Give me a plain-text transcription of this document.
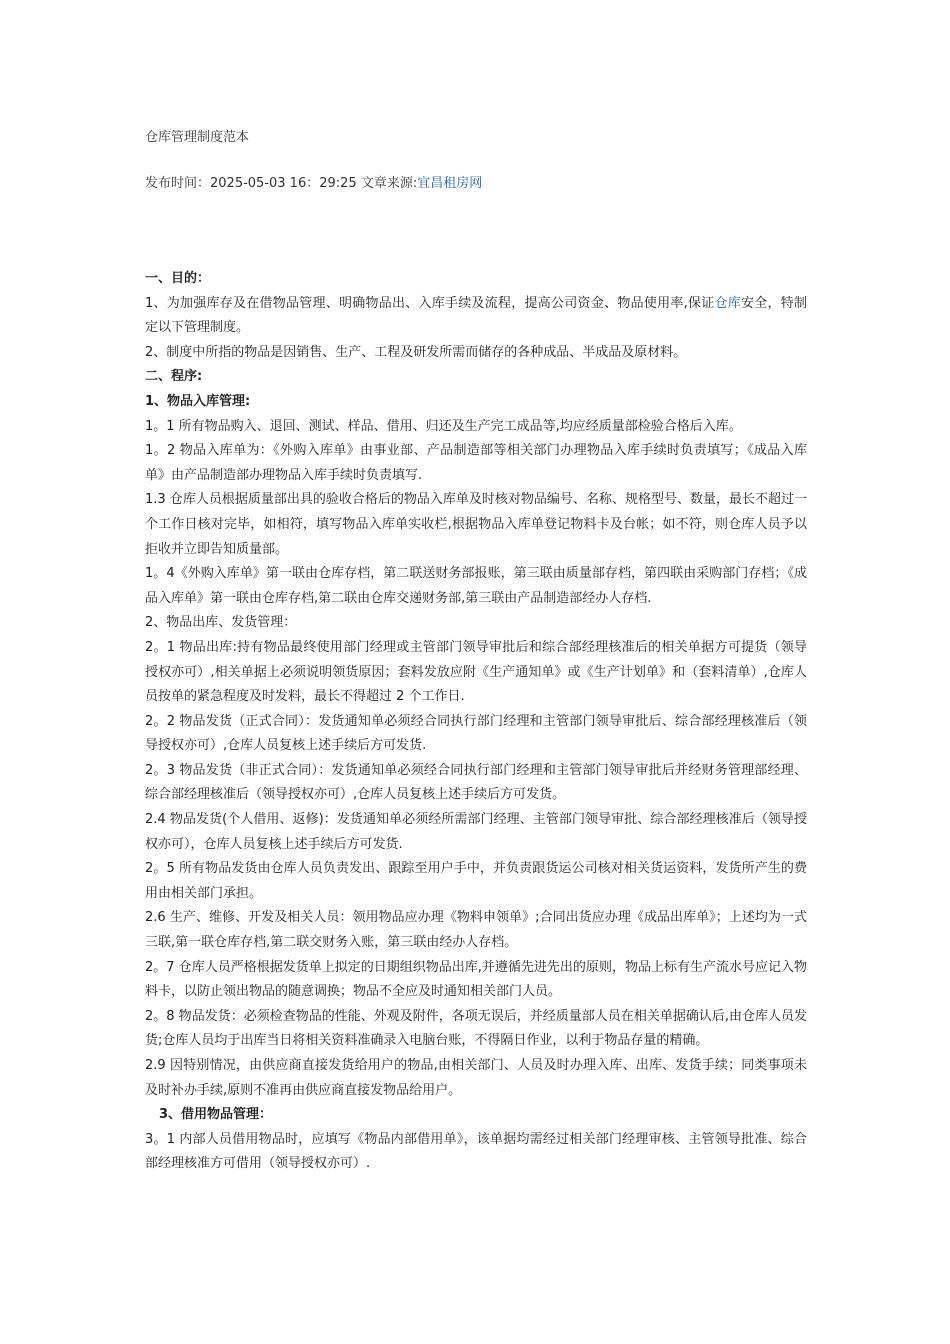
仓库管理制度范本
发布时间：2025-05-03 16：29:25 文章来源:宜昌租房网

一、目的：

1、为加强库存及在借物品管理、明确物品出、入库手续及流程，提高公司资金、物品使用率,保证仓库安全，特制定以下管理制度。

2、制度中所指的物品是因销售、生产、工程及研发所需而储存的各种成品、半成品及原材料。

二、程序:

1、物品入库管理:

1。1 所有物品购入、退回、测试、样品、借用、归还及生产完工成品等,均应经质量部检验合格后入库。

1。2 物品入库单为：《外购入库单》由事业部、产品制造部等相关部门办理物品入库手续时负责填写；《成品入库单》由产品制造部办理物品入库手续时负责填写.

1.3 仓库人员根据质量部出具的验收合格后的物品入库单及时核对物品编号、名称、规格型号、数量，最长不超过一个工作日核对完毕，如相符，填写物品入库单实收栏,根据物品入库单登记物料卡及台帐；如不符，则仓库人员予以拒收并立即告知质量部。

1。4《外购入库单》第一联由仓库存档，第二联送财务部报账，第三联由质量部存档，第四联由采购部门存档；《成品入库单》第一联由仓库存档,第二联由仓库交递财务部,第三联由产品制造部经办人存档.

2、物品出库、发货管理：

2。1 物品出库:持有物品最终使用部门经理或主管部门领导审批后和综合部经理核准后的相关单据方可提货（领导授权亦可）,相关单据上必须说明领货原因；套料发放应附《生产通知单》或《生产计划单》和（套料清单）,仓库人员按单的紧急程度及时发料，最长不得超过 2 个工作日.

2。2 物品发货（正式合同）：发货通知单必须经合同执行部门经理和主管部门领导审批后、综合部经理核准后（领导授权亦可）,仓库人员复核上述手续后方可发货.

2。3 物品发货（非正式合同）：发货通知单必须经合同执行部门经理和主管部门领导审批后并经财务管理部经理、综合部经理核准后（领导授权亦可）,仓库人员复核上述手续后方可发货。

2.4 物品发货(个人借用、返修)：发货通知单必须经所需部门经理、主管部门领导审批、综合部经理核准后（领导授权亦可），仓库人员复核上述手续后方可发货.

2。5 所有物品发货由仓库人员负责发出、跟踪至用户手中，并负责跟货运公司核对相关货运资料，发货所产生的费用由相关部门承担。

2.6 生产、维修、开发及相关人员：领用物品应办理《物料申领单》;合同出货应办理《成品出库单》；上述均为一式三联,第一联仓库存档,第二联交财务入账，第三联由经办人存档。

2。7 仓库人员严格根据发货单上拟定的日期组织物品出库,并遵循先进先出的原则，物品上标有生产流水号应记入物料卡，以防止领出物品的随意调换；物品不全应及时通知相关部门人员。

2。8 物品发货：必须检查物品的性能、外观及附件，各项无误后，并经质量部人员在相关单据确认后,由仓库人员发货;仓库人员均于出库当日将相关资料准确录入电脑台账，不得隔日作业，以利于物品存量的精确。

2.9 因特别情况，由供应商直接发货给用户的物品,由相关部门、人员及时办理入库、出库、发货手续；同类事项未及时补办手续,原则不准再由供应商直接发物品给用户。

3、借用物品管理：

3。1 内部人员借用物品时，应填写《物品内部借用单》，该单据均需经过相关部门经理审核、主管领导批准、综合部经理核准方可借用（领导授权亦可）.
